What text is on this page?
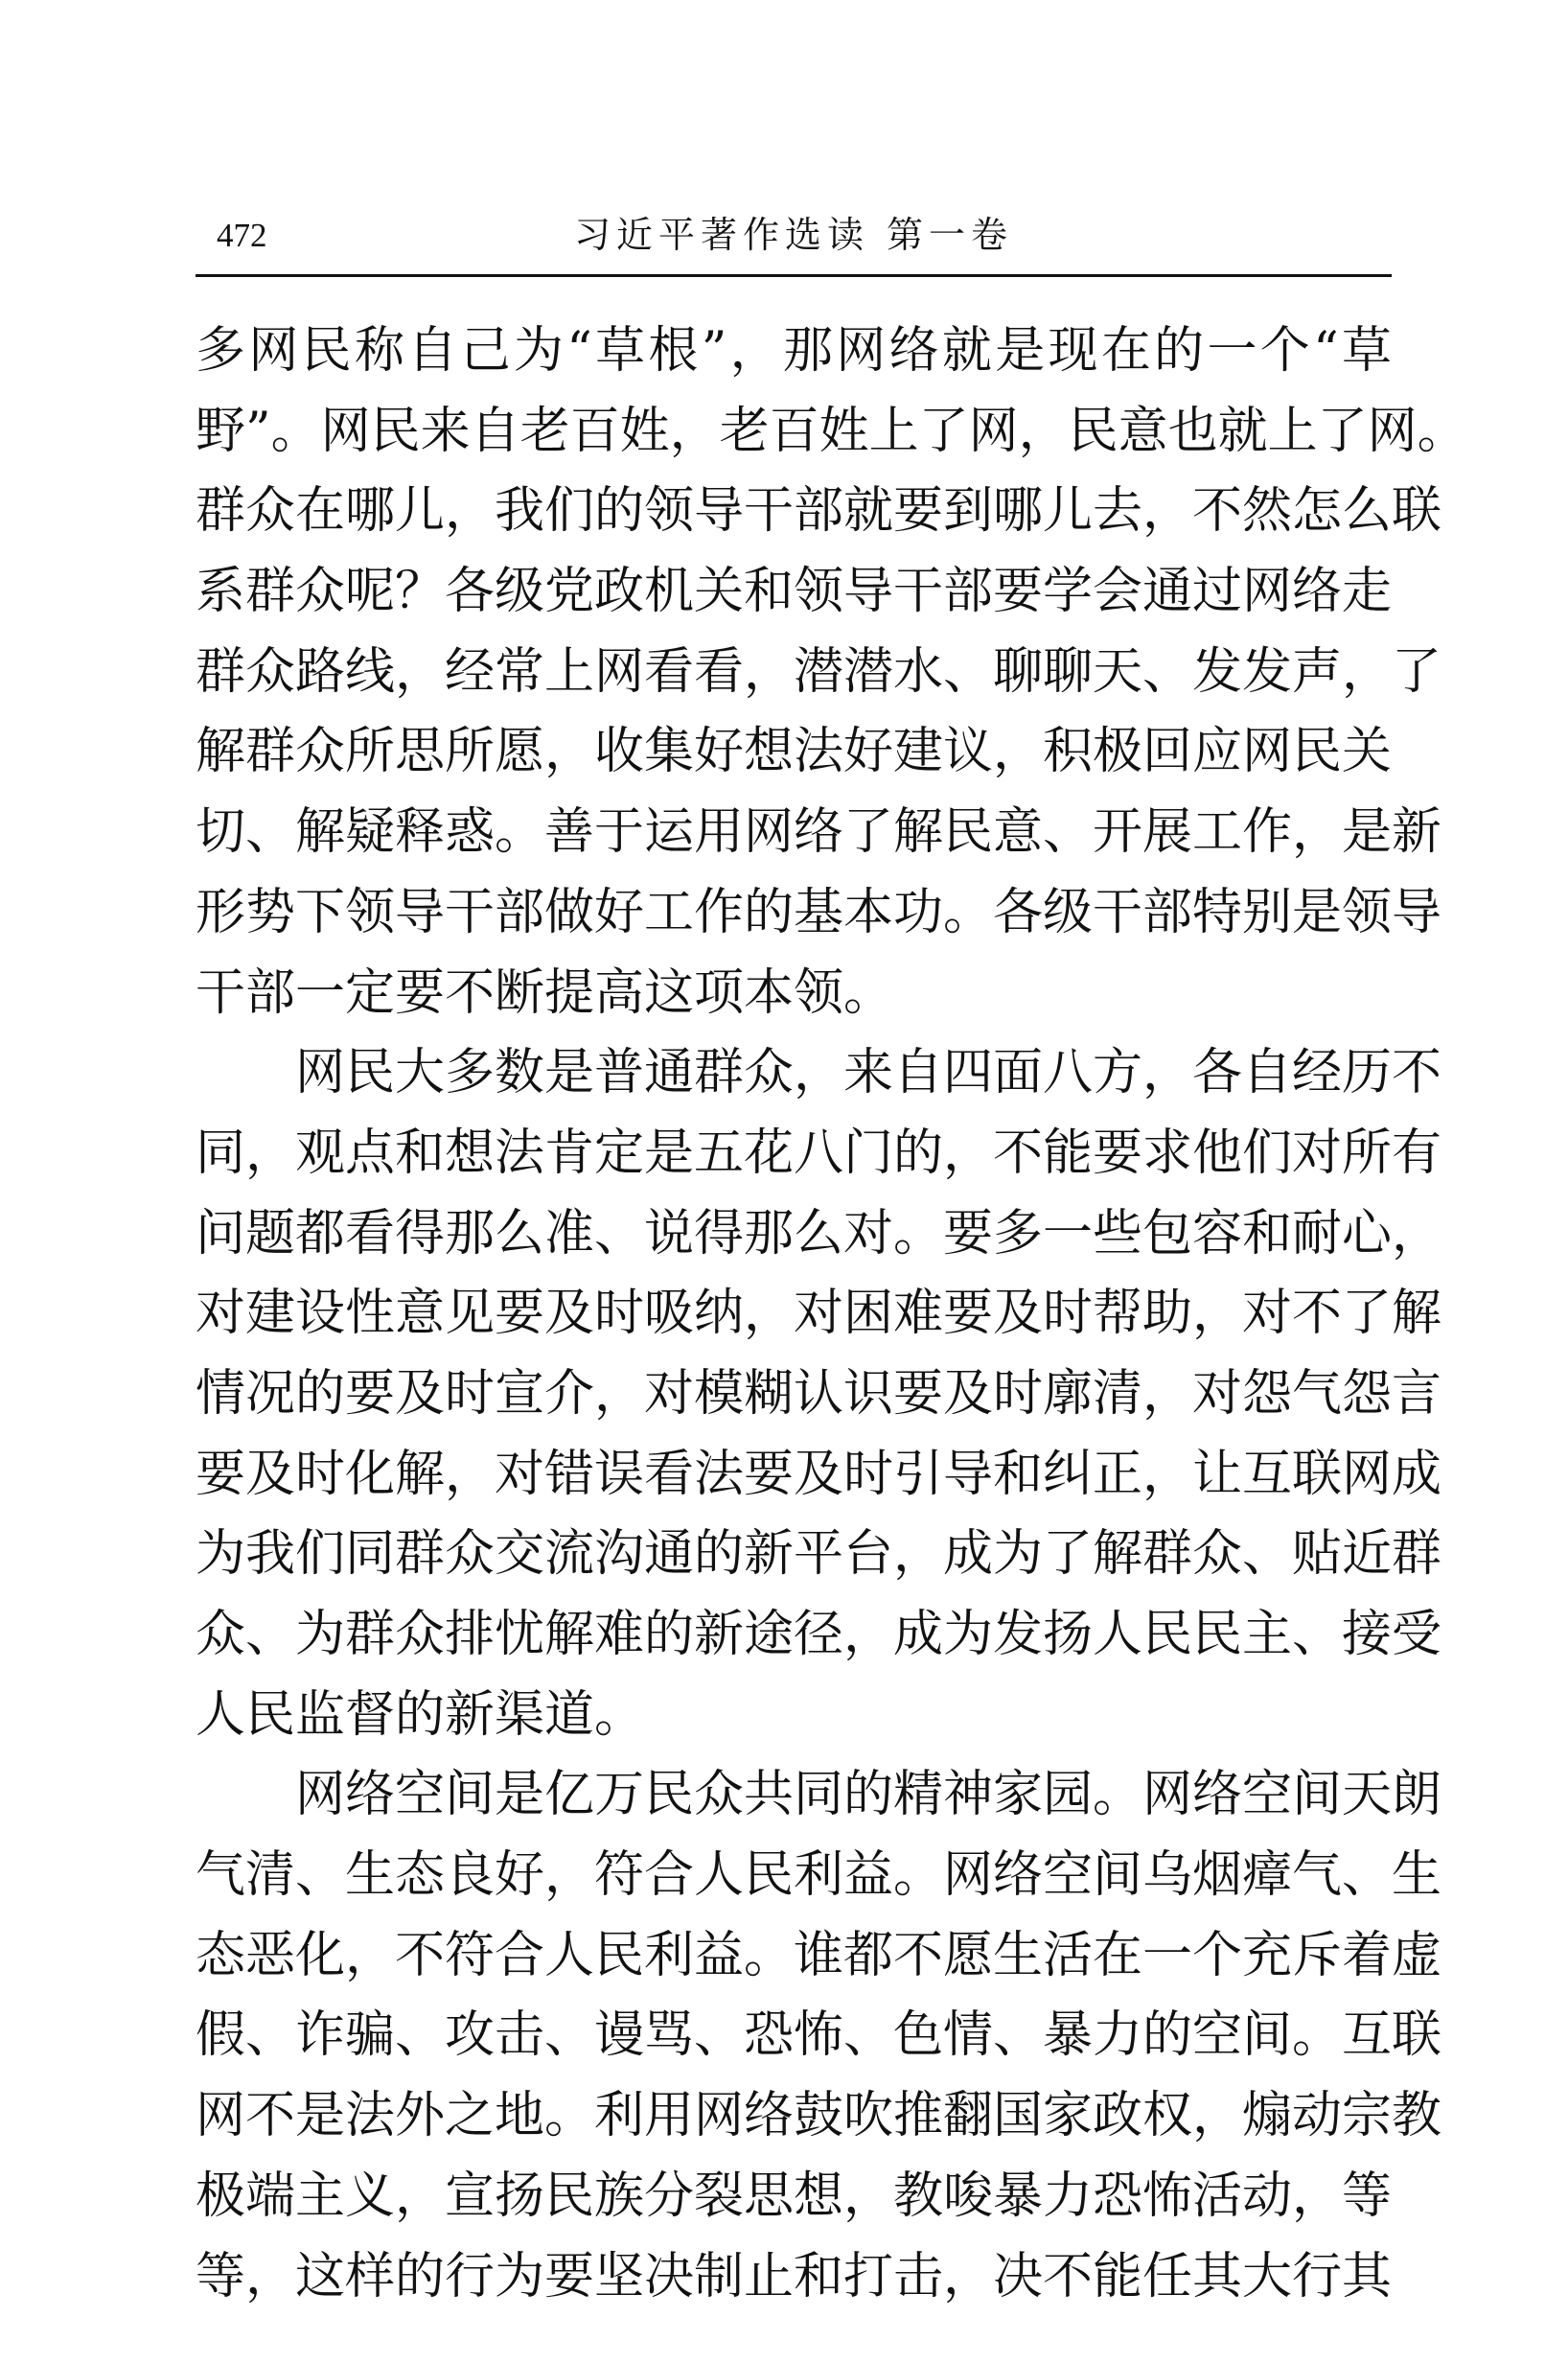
472	习近平著作选读 第一卷
多网民称自己为“草根”，那网络就是现在的一个“草
野”。网民来自老百姓，老百姓上了网，民意也就上了网。
群众在哪儿，我们的领导干部就要到哪儿去，不然怎么联
系群众呢？各级党政机关和领导干部要学会通过网络走
群众路线，经常上网看看，潜潜水、聊聊天、发发声，了
解群众所思所愿，收集好想法好建议，积极回应网民关
切、解疑释惑。善于运用网络了解民意、开展工作，是新
形势下领导干部做好工作的基本功。各级干部特别是领导
干部一定要不断提高这项本领。
网民大多数是普通群众，来自四面八方，各自经历不
同，观点和想法肯定是五花八门的，不能要求他们对所有
问题都看得那么准、说得那么对。要多一些包容和耐心，
对建设性意见要及时吸纳，对困难要及时帮助，对不了解
情况的要及时宣介，对模糊认识要及时廓清，对怨气怨言
要及时化解，对错误看法要及时引导和纠正，让互联网成
为我们同群众交流沟通的新平台，成为了解群众、贴近群
众、为群众排忧解难的新途径，成为发扬人民民主、接受
人民监督的新渠道。
网络空间是亿万民众共同的精神家园。网络空间天朗
气清、生态良好，符合人民利益。网络空间乌烟瘴气、生
态恶化，不符合人民利益。谁都不愿生活在一个充斥着虚
假、诈骗、攻击、谩骂、恐怖、色情、暴力的空间。互联
网不是法外之地。利用网络鼓吹推翻国家政权，煽动宗教
极端主义，宣扬民族分裂思想，教唆暴力恐怖活动，等
等，这样的行为要坚决制止和打击，决不能任其大行其
